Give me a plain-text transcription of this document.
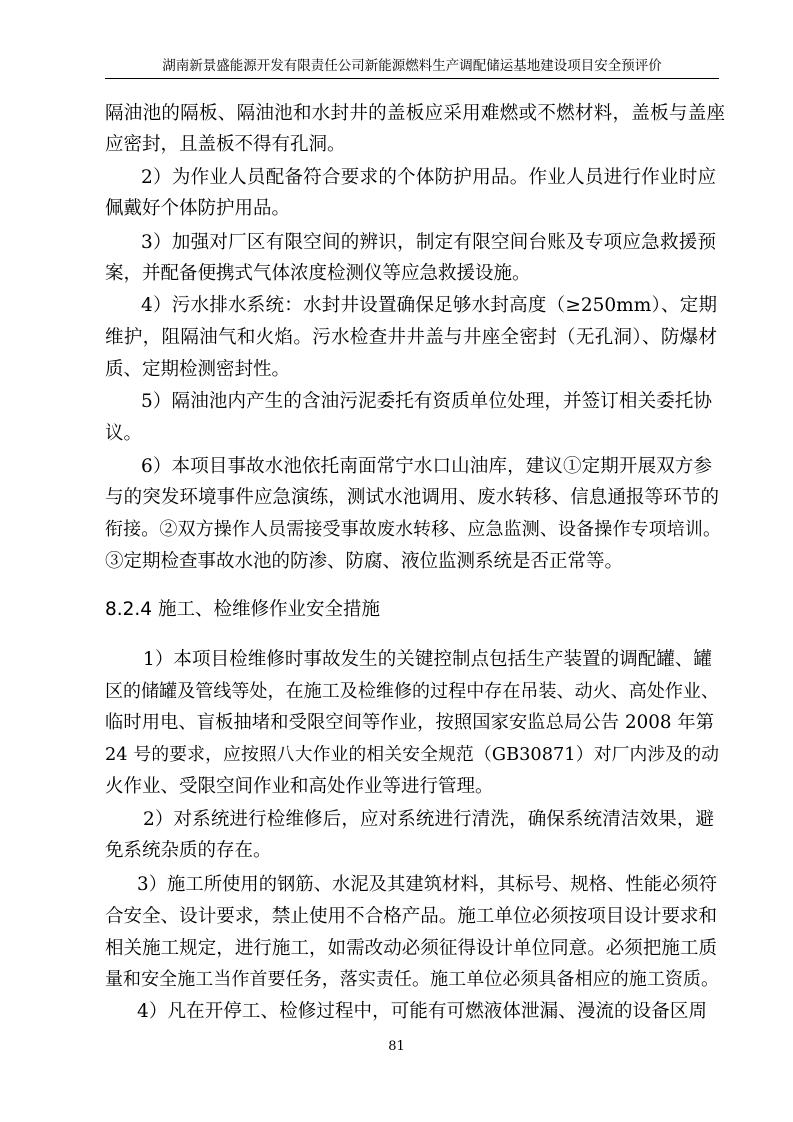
湖南新景盛能源开发有限责任公司新能源燃料生产调配储运基地建设项目安全预评价
隔油池的隔板、隔油池和水封井的盖板应采用难燃或不燃材料，盖板与盖座
应密封，且盖板不得有孔洞。
2）为作业人员配备符合要求的个体防护用品。作业人员进行作业时应
佩戴好个体防护用品。
3）加强对厂区有限空间的辨识，制定有限空间台账及专项应急救援预
案，并配备便携式气体浓度检测仪等应急救援设施。
4）污水排水系统：水封井设置确保足够水封高度（≥250mm）、定期
维护，阻隔油气和火焰。污水检查井井盖与井座全密封（无孔洞）、防爆材
质、定期检测密封性。
5）隔油池内产生的含油污泥委托有资质单位处理，并签订相关委托协
议。
6）本项目事故水池依托南面常宁水口山油库，建议①定期开展双方参
与的突发环境事件应急演练，测试水池调用、废水转移、信息通报等环节的
衔接。②双方操作人员需接受事故废水转移、应急监测、设备操作专项培训。
③定期检查事故水池的防渗、防腐、液位监测系统是否正常等。
8.2.4 施工、检维修作业安全措施
1）本项目检维修时事故发生的关键控制点包括生产装置的调配罐、罐
区的储罐及管线等处，在施工及检维修的过程中存在吊装、动火、高处作业、
临时用电、盲板抽堵和受限空间等作业，按照国家安监总局公告 2008 年第
24 号的要求，应按照八大作业的相关安全规范（GB30871）对厂内涉及的动
火作业、受限空间作业和高处作业等进行管理。
2）对系统进行检维修后，应对系统进行清洗，确保系统清洁效果，避
免系统杂质的存在。
3）施工所使用的钢筋、水泥及其建筑材料，其标号、规格、性能必须符
合安全、设计要求，禁止使用不合格产品。施工单位必须按项目设计要求和
相关施工规定，进行施工，如需改动必须征得设计单位同意。必须把施工质
量和安全施工当作首要任务，落实责任。施工单位必须具备相应的施工资质。
4）凡在开停工、检修过程中，可能有可燃液体泄漏、漫流的设备区周
81
